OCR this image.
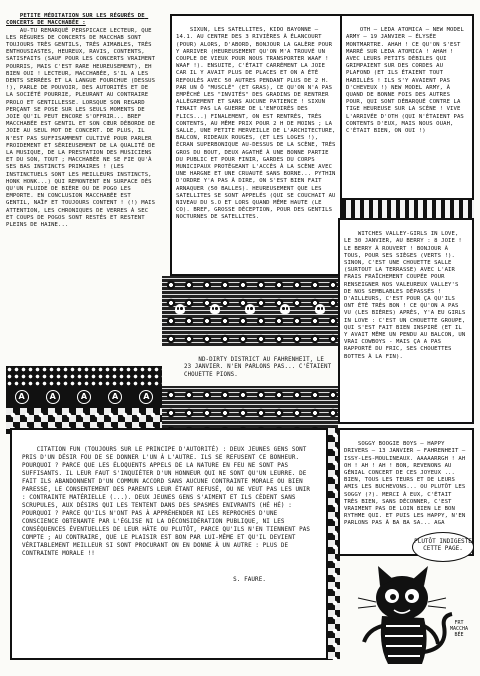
PETITE MÉDITATION SUR LES RÉGURÉS DE CONCERTS DE MACCHABÉE :
AU-TU REMARQUÉ PERSPICACE LECTEUR, QUE LES RÉGURES DE CONCERTS DE MACCHAB SONT TOUJOURS TRÈS GENTILS, TRÈS AIMABLES, TRÈS ENTHOUSIASTES, HEUREUX, RAVIS, CONTENTS, SATISFAITS (SAUF POUR LES CONCERTS VRAIMENT POURRIS, MAIS C'EST RARE HEUREUSEMENT), EH BIEN OUI ! LECTEUR, MACCHABÉE, S'IL A LES DENTS SERRÉES ET LA LANGUE FOURCHUE (DESSUS !), PARLE DE POUVOIR, DES AUTORITÉS ET DE LA SOCIÉTÉ POURRIE, PLEURANT AU CONTRAIRE PROLO ET GENTILLESSE. LORSQUE SON REGARD PERÇANT SE POSE SUR LES SEULS MOMENTS DE JOIE QU'IL PEUT ENCORE S'OFFRIR... BREF MACCHABÉE EST GENTIL ET SON CŒUR DÉBORDE DE JOIE AU SEUL MOT DE CONCERT. DE PLUS, IL N'EST PAS SUFFISAMMENT CULTIVÉ POUR PARLER FROIDEMENT ET SÉRIEUSEMENT DE LA QUALITÉ DE LA MUSIQUE, DE LA PRESTATION DES MUSICIENS ET DU SON, TOUT ; MACCHABÉE NE SE FIE QU'À SES BAS INSTINCTS PRIMAIRES ! (LES INSTINCTUELS SONT LES MEILLEURS INSTINCTS, HONK HONK...) QUI REMONTENT EN SURFACE DÈS QU'UN FLUIDE DE BIÈRE OU DE POGO LES EMPORTE. EN CONCLUSION MACCHABÉE EST GENTIL, NAÏF ET TOUJOURS CONTENT ! (!) MAIS ATTENTION, LES CHRONIQUES DE VERRES À SEC ET COUPS DE POGOS SONT RESTÉS ET RESTENT PLEINS DE HAINE...

SIXUN, LES SATELLITES, KIDO BAYONNE — 14.1. AU CENTRE DES 3 RIVIÈRES À ÉLANCOURT (POUR) ALORS, D'ABORD, BONJOUR LA GALÈRE POUR Y ARRIVER (HEUREUSEMENT QU'ON M'A TROUVÉ UN COUPLE DE VIEUX POUR NOUS TRANSPORTER WAAF ! WAAF !). ENSUITE, C'ÉTAIT CARRÉMENT LA JOIE CAR IL Y AVAIT PLUS DE PLACES ET ON A ÉTÉ REFOULÉS AVEC 50 AUTRES PENDANT PLUS DE 2 H. PAR UN Ô "MUSCLÉ" (ET GRAS), CE QU'ON N'A PAS EMPÊCHÉ LES "INVITÉS" DES GRADINS DE RENTRER ALLÈGREMENT ET SANS AUCUNE PATIENCE ! SIXUN TENAIT PAS LA GUERRE DE L'ENFOIRÉS DES FLICS...) FINALEMENT, ON EST RENTRÉS, TRÈS CONTENTS, AU MÊME PRIX POUR 2 H DE MOINS ; LA SALLE, UNE PETITE MERVEILLE DE L'ARCHITECTURE, BALCON, RIDEAUX ROUGES, (ET LES LOGES !), ÉCRAN SUPERBONIQUE AU-DESSUS DE LA SCÈNE, TRÈS GROS DU BOUT, DEUX AGATHÉ À UNE BONNE PARTIE DU PUBLIC ET POUR FINIR, GARDES DU CORPS MUNICIPAUX PROTÉGEANT L'ACCÈS À LA SCÈNE AVEC UNE HARGNE ET UNE CRUAUTÉ SANS BORNE... PYTHIN D'ORDRE Y'A PAS À DIRE, ON S'EST BIEN FAIT ARNAQUER (50 BALLES). HEUREUSEMENT QUE LES SATELLITES SE SONT APPELÉS (QUI SE COUCHAIT AU NIVEAU DU S.O ET LORS QUAND MÊME HAUTE (LE CO). BREF, GROSSE DÉCEPTION, POUR DES GENTILS NOCTURNES DE SATELLITES.

OTH — LEDA ATOMICA — NEW MODEL ARMY — 19 JANVIER — ÉLYSÉE MONTMARTRE. AHAH ! CE QU'ON S'EST MARRÉ SUR LEDA ATOMICA ! AHAH ! AVEC LEURS PETITS DÉBILES QUI GRIMPAIENT SUR DES CORDES AU PLAFOND (ET ILS ÉTAIENT TOUT HABILLÉS ! ILS S'Y AVAIENT PAS D'CHEVEUX !) NEW MODEL ARMY, À QUAND DE BONNE FOIS DES AUTRES POUR, QUI SONT DÉBARQUÉ CONTRE LA TIGE HEUREUSE SUR LA SCÈNE ! VIVE L'ARRIVÉE D'OTH (QUI N'ÉTAIENT PAS CONTENTS D'EUX, MAIS NOUS OUAH, C'ÉTAIT BIEN, ON OUI !)

WITCHES VALLEY-GIRLS IN LOVE, LE 30 JANVIER, AU BERRY : 8 JOIE ! LE BERRY À ROUVERT ! BONJOUR À TOUS, POUR SES SIÈGES (VERTS !). SINON, C'EST UNE CHOUETTE SALLE (SURTOUT LA TERRASSE) AVEC L'AIR FRAIS FRAÎCHEMENT COUPÉE POUR RENSEIGNER NOS VALEUREUX VALLEY'S DE NOS SEMBLABLES DÉPASSÉS ! D'AILLEURS, C'EST POUR ÇA QU'ILS ONT ÉTÉ TRÈS BON ! CE QU'ON A PAS VU (LES BIÈRES) APRÈS, Y'A EU GIRLS IN LOVE : C'EST UN CHOUETTE GROUPE, QUI S'EST FAIT BIEN INSPIRÉ (ET IL Y AVAIT MÊME UN PENDU AU BALCON, UN VRAI COWBOYS - MAIS ÇA A PAS RAPPORTÉ DU FRIC, SES CHOUETTES BOTTES À LA FIN).

A	A	A	A	A

ND-DIRTY DISTRICT AU FAHRENHEIT, LE 23 JANVIER. N'EN PARLONS PAS... C'ÉTAIENT CHOUETTE PIONS.

CITATION FUN (TOUJOURS SUR LE PRINCIPE D'AUTORITÉ) : DEUX JEUNES GENS SONT PRIS D'UN DÉSIR FOU DE SE DONNER L'UN À L'AUTRE. ILS SE REFUSENT CE BONHEUR. POURQUOI ? PARCE QUE LES ÉLOQUENTS APPELS DE LA NATURE EN FEU NE SONT PAS SUFFISANTS. IL LEUR FAUT S'INQUIÉTER D'UN HONNEUR QUI NE SONT QU'UN LEURRE. DE FAIT ILS ABANDONNENT D'UN COMMUN ACCORD SANS AUCUNE CONTRAINTE MORALE OU BIEN PARESSE, LE CONSENTEMENT DES PARENTS LEUR ÉTANT REFUSÉ, OU NE VEUT PAS LES UNIR : CONTRAINTE MATÉRIELLE (...). DEUX JEUNES GENS S'AIMENT ET ILS CÈDENT SANS SCRUPULES, AUX DÉSIRS QUI LES TENTENT DANS DES SPASMES ENIVRANTS (HÉ HÉ) : POURQUOI ? PARCE QU'ILS N'ONT PAS À APPRÉHENDER NI LES REPROCHES D'UNE CONSCIENCE OBTENANTE PAR L'ÉGLISE NI LA DÉCONSIDÉRATION PUBLIQUE, NI LES CONSÉQUENCES ÉVENTUELLES DE LEUR HÂTE OU PLUTÔT, PARCE QU'ILS N'EN TIENNENT PAS COMPTE ; AU CONTRAIRE, QUE LE PLAISIR EST BON PAR LUI-MÊME ET QU'IL DEVIENT VÉRITABLEMENT MEILLEUR SI SONT PROCURANT ON EN DONNE À UN AUTRE : PLUS DE CONTRAINTE MORALE !!

S. FAURE.

SOGGY BOOGIE BOYS — HAPPY DRIVERS — 13 JANVIER — FAHRENHEIT — ISSY-LES-MOULINEAUX. AAAAARRGH ! AH OH ! AH ! AH ! BON, REVENONS AU GÉNIAL CONCERT DE CES JOYEUX ... BIEN, TOUS LES TEURS ET DE LEURS AMIS LES BUCHEVONS... OU PLUTÔT LES SOGGY (?). MERCI À EUX, C'ÉTAIT TRÈS BIEN, SANS DÉCONNER, C'EST VRAIMENT PAS DE LOIN BIEN LE BON RYTHME QUI. ET PUIS LES HAPPY, N'EN PARLONS PAS À BA BA SA... AGA

PLUTÔT INDIGESTE CETTE PAGE.
FRT MACCHA BÉE
